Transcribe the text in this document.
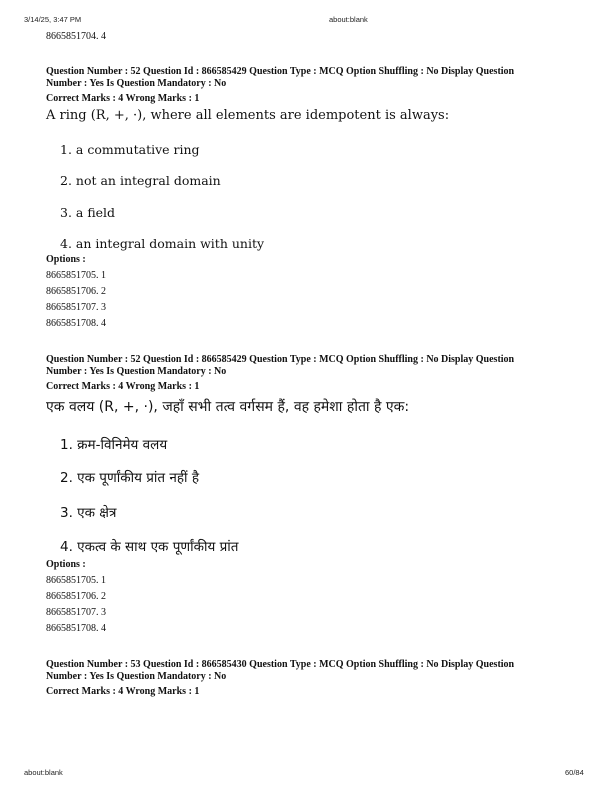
3/14/25, 3:47 PM	about:blank
8665851704. 4
Question Number : 52 Question Id : 866585429 Question Type : MCQ Option Shuffling : No Display Question
Number : Yes Is Question Mandatory : No
Correct Marks : 4 Wrong Marks : 1
A ring (R, +, ·), where all elements are idempotent is always:
1. a commutative ring
2. not an integral domain
3. a field
4. an integral domain with unity
Options :
8665851705. 1
8665851706. 2
8665851707. 3
8665851708. 4
Question Number : 52 Question Id : 866585429 Question Type : MCQ Option Shuffling : No Display Question
Number : Yes Is Question Mandatory : No
Correct Marks : 4 Wrong Marks : 1
एक वलय (R, +, ·), जहाँ सभी तत्व वर्गसम हैं, वह हमेशा होता है एक:
1. क्रम-विनिमेय वलय
2. एक पूर्णांकीय प्रांत नहीं है
3. एक क्षेत्र
4. एकत्व के साथ एक पूर्णांकीय प्रांत
Options :
8665851705. 1
8665851706. 2
8665851707. 3
8665851708. 4
Question Number : 53 Question Id : 866585430 Question Type : MCQ Option Shuffling : No Display Question
Number : Yes Is Question Mandatory : No
Correct Marks : 4 Wrong Marks : 1
about:blank	60/84
